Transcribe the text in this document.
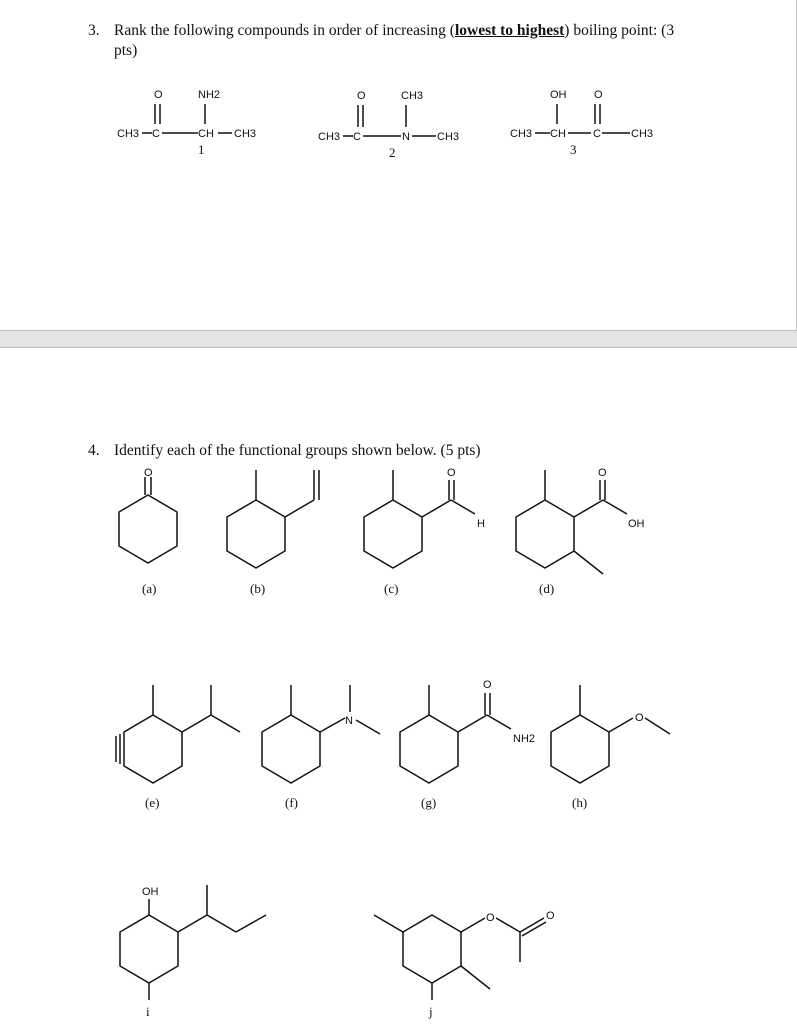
3. Rank the following compounds in order of increasing (lowest to highest) boiling point: (3
pts)
CH3 C
O	NH2
CH CH3
1
CH3 C
O	CH3
N CH3
2
CH3
OH
CH C
O
CH3
3
4. Identify each of the functional groups shown below. (5 pts)
O
(a)	(b)
O
H
(c)
O
OH
(d)
(e)
N
(f)
O
NH2
(g)
O
(h)
OH
i
O	O
j
